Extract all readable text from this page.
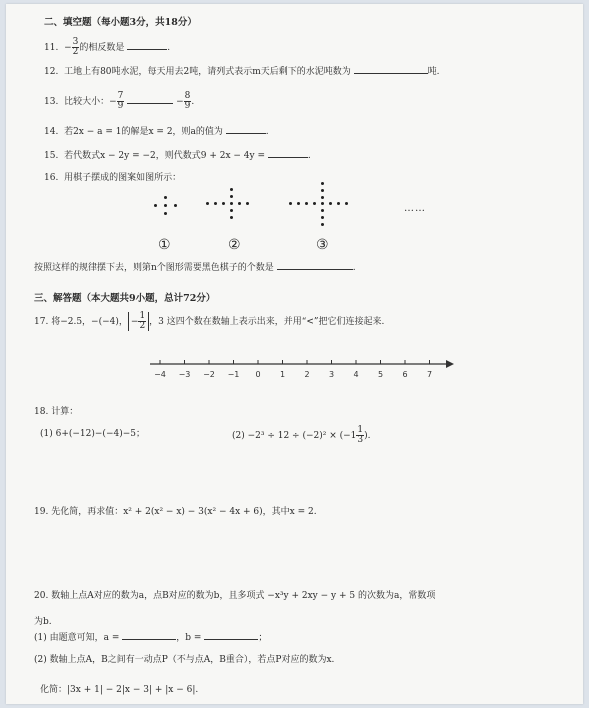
二、填空题（每小题3分，共18分）
11. − $\frac{3}{2}$ 的相反数是	.
12. 工地上有80吨水泥，每天用去2吨，请列式表示m天后剩下的水泥吨数为	吨.
13. 比较大小：− $\frac{7}{9}$	− $\frac{8}{9}$ .
14. 若2x − a = 1的解是x = 2，则a的值为	.
15. 若代数式x − 2y = −2，则代数式9 + 2x − 4y =	.
16. 用棋子摆成的图案如图所示：
……
①	②	③
按照这样的规律摆下去，则第n个图形需要黑色棋子的个数是	.
三、解答题（本大题共9小题，总计72分）
17. 将−2.5，−(−4)， − $\frac{1}{2}$ ，3 这四个数在数轴上表示出来，并用“<”把它们连接起来.
−4 −3 −2 −1 0 1 2 3 4 5 6 7
18. 计算：
(1) 6+(−12)−(−4)−5；	$(2) -2^3 \div 12 \div (-2)^2 \times (-1 \frac{1}{3}$ ).
19. 先化简，再求值：x² + 2(x² − x) − 3(x² − 4x + 6)，其中x = 2.
20. 数轴上点A对应的数为a，点B对应的数为b，且多项式 −x³y + 2xy − y + 5 的次数为a，常数项
为b.
(1) 由题意可知，a =	，b =	；
(2) 数轴上点A，B之间有一动点P（不与点A，B重合），若点P对应的数为x.
化简：|3x + 1| − 2|x − 3| + |x − 6|.
